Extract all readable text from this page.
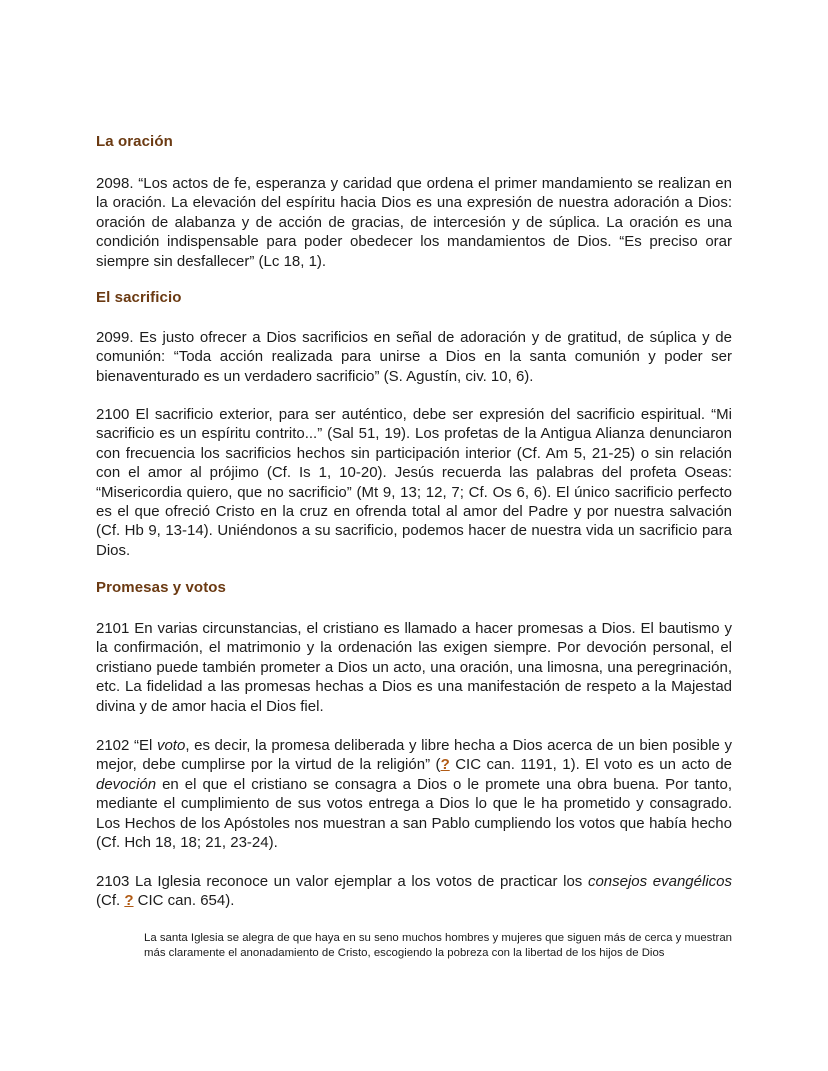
La oración

2098. “Los actos de fe, esperanza y caridad que ordena el primer mandamiento se realizan en la oración. La elevación del espíritu hacia Dios es una expresión de nuestra adoración a Dios: oración de alabanza y de acción de gracias, de intercesión y de súplica. La oración es una condición indispensable para poder obedecer los mandamientos de Dios. “Es preciso orar siempre sin desfallecer” (Lc 18, 1).

El sacrificio

2099. Es justo ofrecer a Dios sacrificios en señal de adoración y de gratitud, de súplica y de comunión: “Toda acción realizada para unirse a Dios en la santa comunión y poder ser bienaventurado es un verdadero sacrificio” (S. Agustín, civ. 10, 6).

2100 El sacrificio exterior, para ser auténtico, debe ser expresión del sacrificio espiritual. “Mi sacrificio es un espíritu contrito...” (Sal 51, 19). Los profetas de la Antigua Alianza denunciaron con frecuencia los sacrificios hechos sin participación interior (Cf. Am 5, 21-25) o sin relación con el amor al prójimo (Cf. Is 1, 10-20). Jesús recuerda las palabras del profeta Oseas: “Misericordia quiero, que no sacrificio” (Mt 9, 13; 12, 7; Cf. Os 6, 6). El único sacrificio perfecto es el que ofreció Cristo en la cruz en ofrenda total al amor del Padre y por nuestra salvación (Cf. Hb 9, 13-14). Uniéndonos a su sacrificio, podemos hacer de nuestra vida un sacrificio para Dios.

Promesas y votos

2101 En varias circunstancias, el cristiano es llamado a hacer promesas a Dios. El bautismo y la confirmación, el matrimonio y la ordenación las exigen siempre. Por devoción personal, el cristiano puede también prometer a Dios un acto, una oración, una limosna, una peregrinación, etc. La fidelidad a las promesas hechas a Dios es una manifestación de respeto a la Majestad divina y de amor hacia el Dios fiel.

2102 “El voto, es decir, la promesa deliberada y libre hecha a Dios acerca de un bien posible y mejor, debe cumplirse por la virtud de la religión” (? CIC can. 1191, 1). El voto es un acto de devoción en el que el cristiano se consagra a Dios o le promete una obra buena. Por tanto, mediante el cumplimiento de sus votos entrega a Dios lo que le ha prometido y consagrado. Los Hechos de los Apóstoles nos muestran a san Pablo cumpliendo los votos que había hecho (Cf. Hch 18, 18; 21, 23-24).

2103 La Iglesia reconoce un valor ejemplar a los votos de practicar los consejos evangélicos (Cf. ? CIC can. 654).

La santa Iglesia se alegra de que haya en su seno muchos hombres y mujeres que siguen más de cerca y muestran más claramente el anonadamiento de Cristo, escogiendo la pobreza con la libertad de los hijos de Dios
